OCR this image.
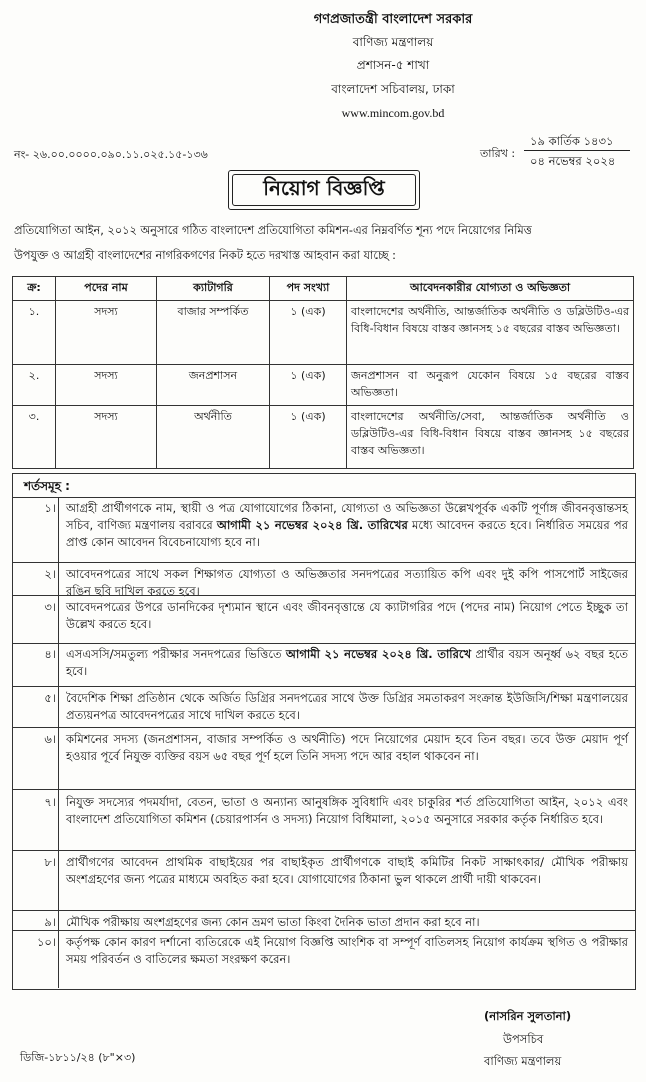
গণপ্রজাতন্ত্রী বাংলাদেশ সরকার
বাণিজ্য মন্ত্রণালয়
প্রশাসন-৫ শাখা
বাংলাদেশ সচিবালয়, ঢাকা
www.mincom.gov.bd
নং- ২৬.০০.০০০০.০৯০.১১.০২৫.১৫-১৩৬	তারিখ :
১৯ কার্তিক ১৪৩১
০৪ নভেম্বর ২০২৪
নিয়োগ বিজ্ঞপ্তি
প্রতিযোগিতা আইন, ২০১২ অনুসারে গঠিত বাংলাদেশ প্রতিযোগিতা কমিশন-এর নিম্নবর্ণিত শূন্য পদে নিয়োগের নিমিত্ত
উপযুক্ত ও আগ্রহী বাংলাদেশের নাগরিকগণের নিকট হতে দরখাস্ত আহবান করা যাচ্ছে :
ক্র:	পদের নাম	ক্যাটাগরি	পদ সংখ্যা	আবেদনকারীর যোগ্যতা ও অভিজ্ঞতা
১.	সদস্য	বাজার সম্পর্কিত	১ (এক)	বাংলাদেশের অর্থনীতি, আন্তর্জাতিক অর্থনীতি ও ডব্লিউটিও-এর বিধি-বিধান বিষয়ে বাস্তব জ্ঞানসহ ১৫ বছরের বাস্তব অভিজ্ঞতা।
২.	সদস্য	জনপ্রশাসন	১ (এক)	জনপ্রশাসন বা অনুরূপ যেকোন বিষয়ে ১৫ বছরের বাস্তব অভিজ্ঞতা।
৩.	সদস্য	অর্থনীতি	১ (এক)	বাংলাদেশের অর্থনীতি/সেবা, আন্তর্জাতিক অর্থনীতি ও ডব্লিউটিও-এর বিধি-বিধান বিষয়ে বাস্তব জ্ঞানসহ ১৫ বছরের বাস্তব অভিজ্ঞতা।
শর্তসমূহ :
১। আগ্রহী প্রার্থীগণকে নাম, স্থায়ী ও পত্র যোগাযোগের ঠিকানা, যোগ্যতা ও অভিজ্ঞতা উল্লেখপূর্বক একটি পূর্ণাঙ্গ জীবনবৃত্তান্তসহ সচিব, বাণিজ্য মন্ত্রণালয় বরাবরে আগামী ২১ নভেম্বর ২০২৪ খ্রি. তারিখের মধ্যে আবেদন করতে হবে। নির্ধারিত সময়ের পর প্রাপ্ত কোন আবেদন বিবেচনাযোগ্য হবে না।
২। আবেদনপত্রের সাথে সকল শিক্ষাগত যোগ্যতা ও অভিজ্ঞতার সনদপত্রের সত্যায়িত কপি এবং দুই কপি পাসপোর্ট সাইজের রঙিন ছবি দাখিল করতে হবে।
৩। আবেদনপত্রের উপরে ডানদিকের দৃশ্যমান স্থানে এবং জীবনবৃত্তান্তে যে ক্যাটাগরির পদে (পদের নাম) নিয়োগ পেতে ইচ্ছুক তা উল্লেখ করতে হবে।
৪। এসএসসি/সমতুল্য পরীক্ষার সনদপত্রের ভিত্তিতে আগামী ২১ নভেম্বর ২০২৪ খ্রি. তারিখে প্রার্থীর বয়স অনূর্ধ্ব ৬২ বছর হতে হবে।
৫। বৈদেশিক শিক্ষা প্রতিষ্ঠান থেকে অর্জিত ডিগ্রির সনদপত্রের সাথে উক্ত ডিগ্রির সমতাকরণ সংক্রান্ত ইউজিসি/শিক্ষা মন্ত্রণালয়ের প্রত্যয়নপত্র আবেদনপত্রের সাথে দাখিল করতে হবে।
৬। কমিশনের সদস্য (জনপ্রশাসন, বাজার সম্পর্কিত ও অর্থনীতি) পদে নিয়োগের মেয়াদ হবে তিন বছর। তবে উক্ত মেয়াদ পূর্ণ হওয়ার পূর্বে নিযুক্ত ব্যক্তির বয়স ৬৫ বছর পূর্ণ হলে তিনি সদস্য পদে আর বহাল থাকবেন না।
৭। নিযুক্ত সদস্যের পদমর্যাদা, বেতন, ভাতা ও অন্যান্য আনুষঙ্গিক সুবিধাদি এবং চাকুরির শর্ত প্রতিযোগিতা আইন, ২০১২ এবং বাংলাদেশ প্রতিযোগিতা কমিশন (চেয়ারপার্সন ও সদস্য) নিয়োগ বিধিমালা, ২০১৫ অনুসারে সরকার কর্তৃক নির্ধারিত হবে।
৮। প্রার্থীগণের আবেদন প্রাথমিক বাছাইয়ের পর বাছাইকৃত প্রার্থীগণকে বাছাই কমিটির নিকট সাক্ষাৎকার/ মৌখিক পরীক্ষায় অংশগ্রহণের জন্য পত্রের মাধ্যমে অবহিত করা হবে। যোগাযোগের ঠিকানা ভুল থাকলে প্রার্থী দায়ী থাকবেন।
৯। মৌখিক পরীক্ষায় অংশগ্রহণের জন্য কোন ভ্রমণ ভাতা কিংবা দৈনিক ভাতা প্রদান করা হবে না।
১০। কর্তৃপক্ষ কোন কারণ দর্শানো ব্যতিরেকে এই নিয়োগ বিজ্ঞপ্তি আংশিক বা সম্পূর্ণ বাতিলসহ নিয়োগ কার্যক্রম স্থগিত ও পরীক্ষার সময় পরিবর্তন ও বাতিলের ক্ষমতা সংরক্ষণ করেন।
(নাসরিন সুলতানা)
উপসচিব
বাণিজ্য মন্ত্রণালয়
ডিজি-১৮১১/২৪ (৮"×৩)
